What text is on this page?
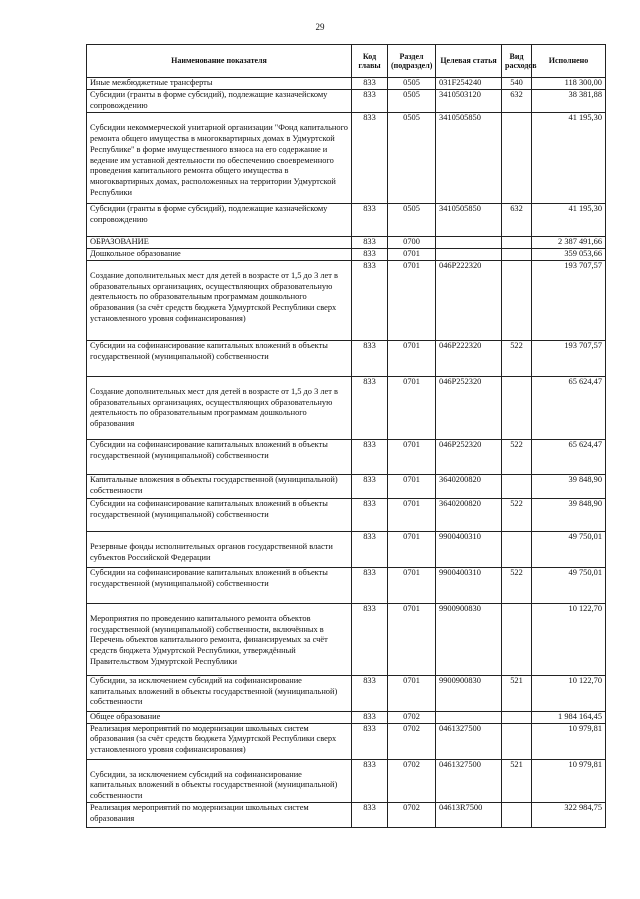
29
Наименование показателя	Код главы	Раздел (подраздел)	Целевая статья	Вид расходов	Исполнено
Иные межбюджетные трансферты	833	0505	031F254240	540	118 300,00
Субсидии (гранты в форме субсидий), подлежащие казначейскому сопровождению	833	0505	3410503120	632	38 381,88
Субсидии некоммерческой унитарной организации "Фонд капитального ремонта общего имущества в многоквартирных домах в Удмуртской Республике" в форме имущественного взноса на его содержание и ведение им уставной деятельности по обеспечению своевременного проведения капитального ремонта общего имущества в многоквартирных домах, расположенных на территории Удмуртской Республики	833	0505	3410505850		41 195,30
Субсидии (гранты в форме субсидий), подлежащие казначейскому сопровождению	833	0505	3410505850	632	41 195,30
ОБРАЗОВАНИЕ	833	0700			2 387 491,66
Дошкольное образование	833	0701			359 053,66
Создание дополнительных мест для детей в возрасте от 1,5 до 3 лет в образовательных организациях, осуществляющих образовательную деятельность по образовательным программам дошкольного образования (за счёт средств бюджета Удмуртской Республики сверх установленного уровня софинансирования)	833	0701	046P222320		193 707,57
Субсидии на софинансирование капитальных вложений в объекты государственной (муниципальной) собственности	833	0701	046P222320	522	193 707,57
Создание дополнительных мест для детей в возрасте от 1,5 до 3 лет в образовательных организациях, осуществляющих образовательную деятельность по образовательным программам дошкольного образования	833	0701	046P252320		65 624,47
Субсидии на софинансирование капитальных вложений в объекты государственной (муниципальной) собственности	833	0701	046P252320	522	65 624,47
Капитальные вложения в объекты государственной (муниципальной) собственности	833	0701	3640200820		39 848,90
Субсидии на софинансирование капитальных вложений в объекты государственной (муниципальной) собственности	833	0701	3640200820	522	39 848,90
Резервные фонды исполнительных органов государственной власти субъектов Российской Федерации	833	0701	9900400310		49 750,01
Субсидии на софинансирование капитальных вложений в объекты государственной (муниципальной) собственности	833	0701	9900400310	522	49 750,01
Мероприятия по проведению капитального ремонта объектов государственной (муниципальной) собственности, включённых в Перечень объектов капитального ремонта, финансируемых за счёт средств бюджета Удмуртской Республики, утверждённый Правительством Удмуртской Республики	833	0701	9900900830		10 122,70
Субсидии, за исключением субсидий на софинансирование капитальных вложений в объекты государственной (муниципальной) собственности	833	0701	9900900830	521	10 122,70
Общее образование	833	0702			1 984 164,45
Реализация мероприятий по модернизации школьных систем образования (за счёт средств бюджета Удмуртской Республики сверх установленного уровня софинансирования)	833	0702	0461327500		10 979,81
Субсидии, за исключением субсидий на софинансирование капитальных вложений в объекты государственной (муниципальной) собственности	833	0702	0461327500	521	10 979,81
Реализация мероприятий по модернизации школьных систем образования	833	0702	04613R7500		322 984,75
